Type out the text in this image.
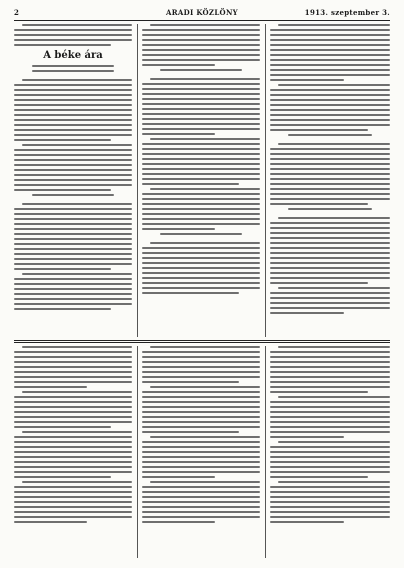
2	ARADI KÖZLÖNY	1913. szeptember 3.
A béke ára
